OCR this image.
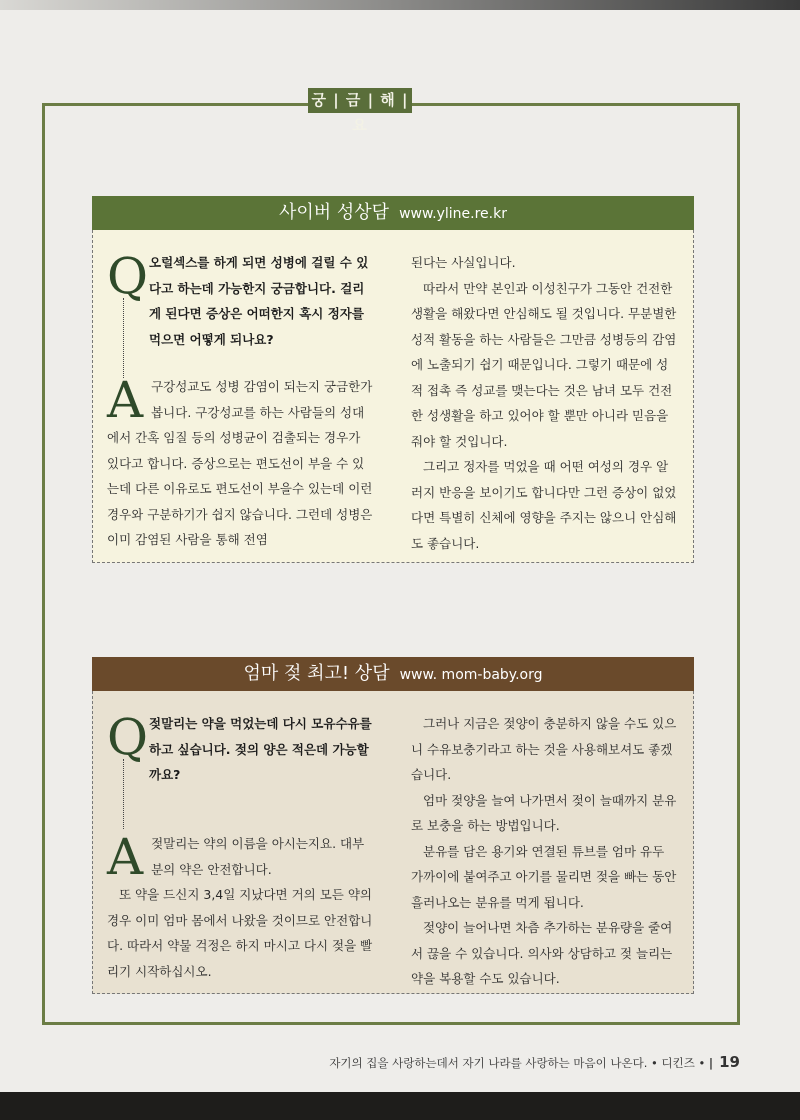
궁 | 금 | 해 | 요
사이버 성상담 www.yline.re.kr
Q 오럴섹스를 하게 되면 성병에 걸릴 수 있다고 하는데 가능한지 궁금합니다. 걸리게 된다면 증상은 어떠한지 혹시 정자를 먹으면 어떻게 되나요?

A 구강성교도 성병 감염이 되는지 궁금한가 봅니다. 구강성교를 하는 사람들의 성대에서 간혹 임질 등의 성병균이 검출되는 경우가 있다고 합니다. 증상으로는 편도선이 부을 수 있는데 다른 이유로도 편도선이 부을수 있는데 이런 경우와 구분하기가 쉽지 않습니다. 그런데 성병은 이미 감염된 사람을 통해 전염

된다는 사실입니다.

따라서 만약 본인과 이성친구가 그동안 건전한 생활을 해왔다면 안심해도 될 것입니다. 무분별한 성적 활동을 하는 사람들은 그만큼 성병등의 감염에 노출되기 쉽기 때문입니다. 그렇기 때문에 성적 접촉 즉 성교를 맺는다는 것은 남녀 모두 건전한 성생활을 하고 있어야 할 뿐만 아니라 믿음을 줘야 할 것입니다.

그리고 정자를 먹었을 때 어떤 여성의 경우 알러지 반응을 보이기도 합니다만 그런 증상이 없었다면 특별히 신체에 영향을 주지는 않으니 안심해도 좋습니다.

엄마 젖 최고! 상담 www. mom-baby.org
Q 젖말리는 약을 먹었는데 다시 모유수유를 하고 싶습니다. 젖의 양은 적은데 가능할까요?

A 젖말리는 약의 이름을 아시는지요. 대부분의 약은 안전합니다.

또 약을 드신지 3,4일 지났다면 거의 모든 약의 경우 이미 엄마 몸에서 나왔을 것이므로 안전합니다. 따라서 약물 걱정은 하지 마시고 다시 젖을 빨리기 시작하십시오.

그러나 지금은 젖양이 충분하지 않을 수도 있으니 수유보충기라고 하는 것을 사용해보셔도 좋겠습니다.

엄마 젖양을 늘여 나가면서 젖이 늘때까지 분유로 보충을 하는 방법입니다.

분유를 담은 용기와 연결된 튜브를 엄마 유두 가까이에 붙여주고 아기를 물리면 젖을 빠는 동안 흘러나오는 분유를 먹게 됩니다.

젖양이 늘어나면 차츰 추가하는 분유량을 줄여서 끊을 수 있습니다. 의사와 상담하고 젖 늘리는 약을 복용할 수도 있습니다.

자기의 집을 사랑하는데서 자기 나라를 사랑하는 마음이 나온다. • 디킨즈 • | 19
